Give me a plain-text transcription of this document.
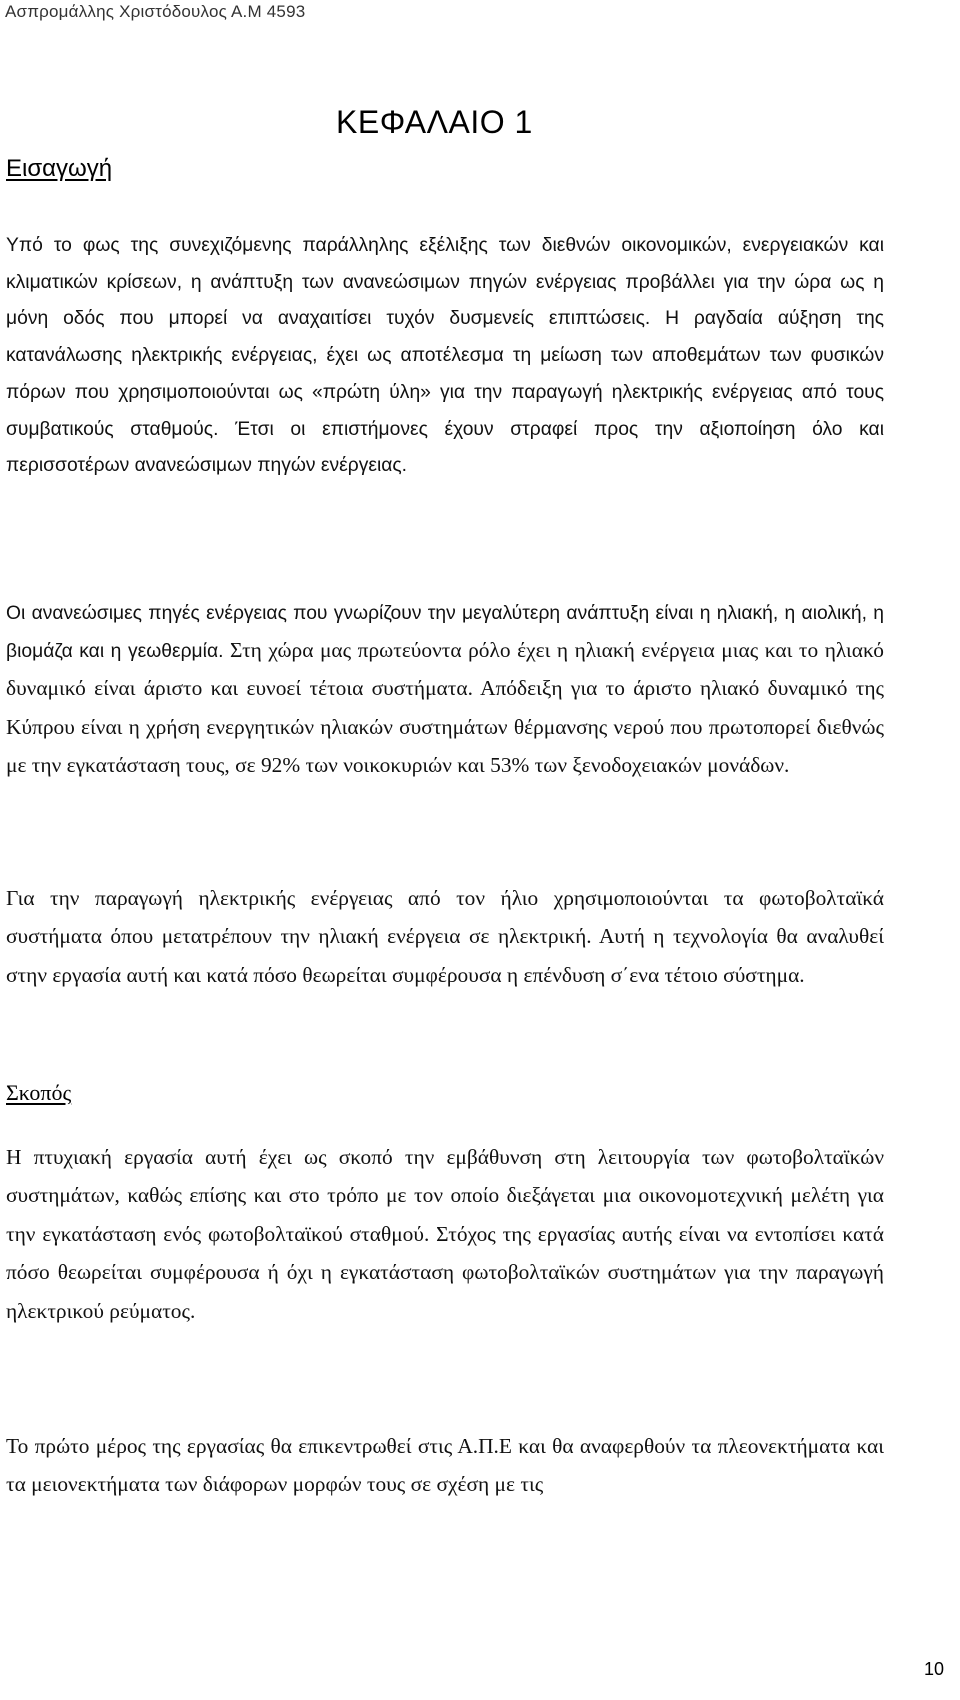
Ασπρομάλλης Χριστόδουλος Α.Μ 4593
ΚΕΦΑΛΑΙΟ 1
Εισαγωγή

Υπό το φως της συνεχιζόμενης παράλληλης εξέλιξης των διεθνών οικονομικών, ενεργειακών και κλιματικών κρίσεων, η ανάπτυξη των ανανεώσιμων πηγών ενέργειας προβάλλει για την ώρα ως η μόνη οδός που μπορεί να αναχαιτίσει τυχόν δυσμενείς επιπτώσεις. Η ραγδαία αύξηση της κατανάλωσης ηλεκτρικής ενέργειας, έχει ως αποτέλεσμα τη μείωση των αποθεμάτων των φυσικών πόρων που χρησιμοποιούνται ως «πρώτη ύλη» για την παραγωγή ηλεκτρικής ενέργειας από τους συμβατικούς σταθμούς. Έτσι οι επιστήμονες έχουν στραφεί προς την αξιοποίηση όλο και περισσοτέρων ανανεώσιμων πηγών ενέργειας.

Οι ανανεώσιμες πηγές ενέργειας που γνωρίζουν την μεγαλύτερη ανάπτυξη είναι η ηλιακή, η αιολική, η βιομάζα και η γεωθερμία. Στη χώρα μας πρωτεύοντα ρόλο έχει η ηλιακή ενέργεια μιας και το ηλιακό δυναμικό είναι άριστο και ευνοεί τέτοια συστήματα. Απόδειξη για το άριστο ηλιακό δυναμικό της Κύπρου είναι η χρήση ενεργητικών ηλιακών συστημάτων θέρμανσης νερού που πρωτοπορεί διεθνώς με την εγκατάσταση τους, σε 92% των νοικοκυριών και 53% των ξενοδοχειακών μονάδων.

Για την παραγωγή ηλεκτρικής ενέργειας από τον ήλιο χρησιμοποιούνται τα φωτοβολταϊκά συστήματα όπου μετατρέπουν την ηλιακή ενέργεια σε ηλεκτρική. Αυτή η τεχνολογία θα αναλυθεί στην εργασία αυτή και κατά πόσο θεωρείται συμφέρουσα η επένδυση σ΄ενα τέτοιο σύστημα.

Σκοπός

Η πτυχιακή εργασία αυτή έχει ως σκοπό την εμβάθυνση στη λειτουργία των φωτοβολταϊκών συστημάτων, καθώς επίσης και στο τρόπο με τον οποίο διεξάγεται μια οικονομοτεχνική μελέτη για την εγκατάσταση ενός φωτοβολταϊκού σταθμού. Στόχος της εργασίας αυτής είναι να εντοπίσει κατά πόσο θεωρείται συμφέρουσα ή όχι η εγκατάσταση φωτοβολταϊκών συστημάτων για την παραγωγή ηλεκτρικού ρεύματος.

Το πρώτο μέρος της εργασίας θα επικεντρωθεί στις Α.Π.Ε και θα αναφερθούν τα πλεονεκτήματα και τα μειονεκτήματα των διάφορων μορφών τους σε σχέση με τις

10
